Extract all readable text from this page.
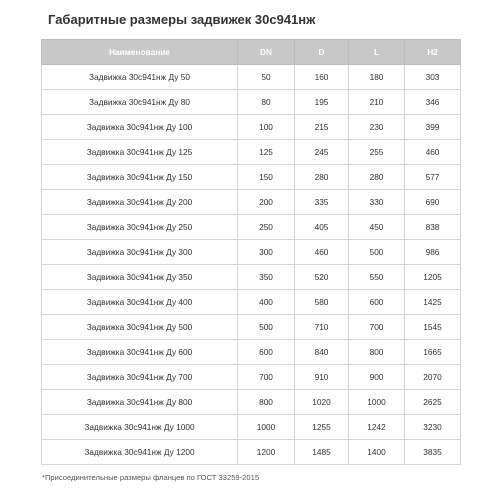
Габаритные размеры задвижек 30с941нж
Наименование	DN	D	L	H2
Задвижка 30с941нж Ду 50	50	160	180	303
Задвижка 30с941нж Ду 80	80	195	210	346
Задвижка 30с941нж Ду 100	100	215	230	399
Задвижка 30с941нж Ду 125	125	245	255	460
Задвижка 30с941нж Ду 150	150	280	280	577
Задвижка 30с941нж Ду 200	200	335	330	690
Задвижка 30с941нж Ду 250	250	405	450	838
Задвижка 30с941нж Ду 300	300	460	500	986
Задвижка 30с941нж Ду 350	350	520	550	1205
Задвижка 30с941нж Ду 400	400	580	600	1425
Задвижка 30с941нж Ду 500	500	710	700	1545
Задвижка 30с941нж Ду 600	600	840	800	1665
Задвижка 30с941нж Ду 700	700	910	900	2070
Задвижка 30с941нж Ду 800	800	1020	1000	2625
Задвижка 30с941нж Ду 1000	1000	1255	1242	3230
Задвижка 30с941нж Ду 1200	1200	1485	1400	3835

*Присоединительные размеры фланцев по ГОСТ 33259-2015
